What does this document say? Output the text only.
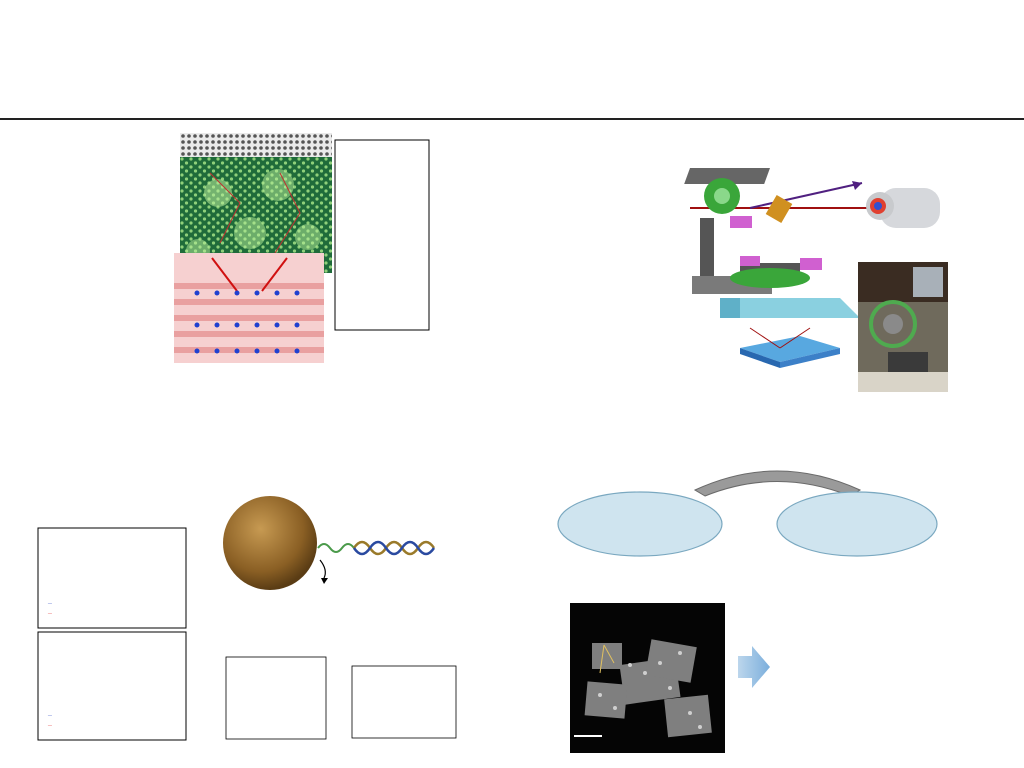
_
_
_
_
